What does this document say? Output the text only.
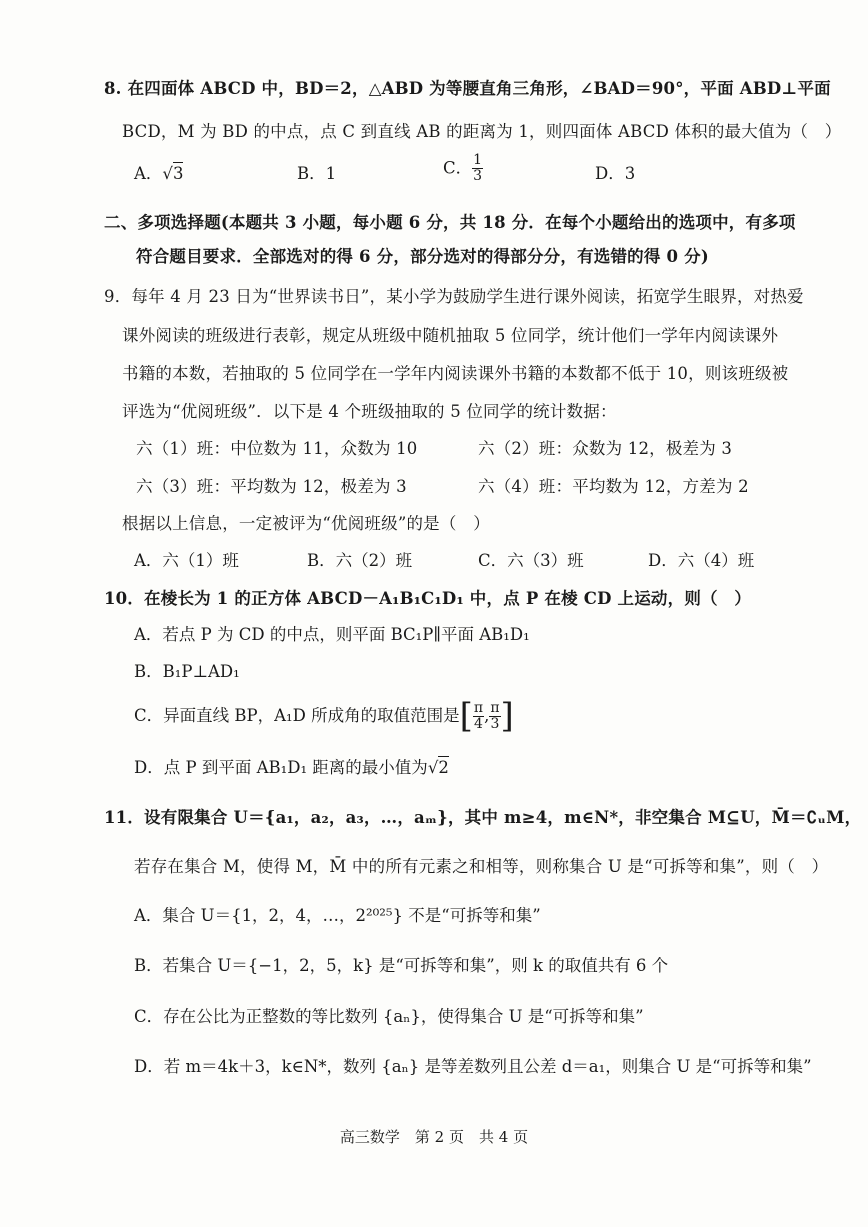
8. 在四面体 ABCD 中，BD＝2，△ABD 为等腰直角三角形，∠BAD＝90°，平面 ABD⊥平面
BCD，M 为 BD 的中点，点 C 到直线 AB 的距离为 1，则四面体 ABCD 体积的最大值为（　）
A．√3	B．1	C． $\frac{1}{3}$	D．3
二、多项选择题(本题共 3 小题，每小题 6 分，共 18 分．在每个小题给出的选项中，有多项
符合题目要求．全部选对的得 6 分，部分选对的得部分分，有选错的得 0 分)
9．每年 4 月 23 日为“世界读书日”，某小学为鼓励学生进行课外阅读，拓宽学生眼界，对热爱
课外阅读的班级进行表彰，规定从班级中随机抽取 5 位同学，统计他们一学年内阅读课外
书籍的本数，若抽取的 5 位同学在一学年内阅读课外书籍的本数都不低于 10，则该班级被
评选为“优阅班级”．以下是 4 个班级抽取的 5 位同学的统计数据：
六（1）班：中位数为 11，众数为 10	六（2）班：众数为 12，极差为 3
六（3）班：平均数为 12，极差为 3	六（4）班：平均数为 12，方差为 2
根据以上信息，一定被评为“优阅班级”的是（　）
A．六（1）班	B．六（2）班	C．六（3）班	D．六（4）班
10．在棱长为 1 的正方体 ABCD－A₁B₁C₁D₁ 中，点 P 在棱 CD 上运动，则（　）
A．若点 P 为 CD 的中点，则平面 BC₁P∥平面 AB₁D₁
B．B₁P⊥AD₁
C．异面直线 BP，A₁D 所成角的取值范围是[ $\frac{\pi}{4}$ , $\frac{\pi}{3}$ ]
D．点 P 到平面 AB₁D₁ 距离的最小值为√2
11．设有限集合 U＝{a₁，a₂，a₃，…，aₘ}，其中 m≥4，m∈N*，非空集合 M⊆U，M̄＝∁ᵤM，
若存在集合 M，使得 M，M̄ 中的所有元素之和相等，则称集合 U 是“可拆等和集”，则（　）
A．集合 U＝{1，2，4，…，2²⁰²⁵} 不是“可拆等和集”
B．若集合 U＝{−1，2，5，k} 是“可拆等和集”，则 k 的取值共有 6 个
C．存在公比为正整数的等比数列 {aₙ}，使得集合 U 是“可拆等和集”
D．若 m＝4k＋3，k∈N*，数列 {aₙ} 是等差数列且公差 d＝a₁，则集合 U 是“可拆等和集”
高三数学　第 2 页　共 4 页
